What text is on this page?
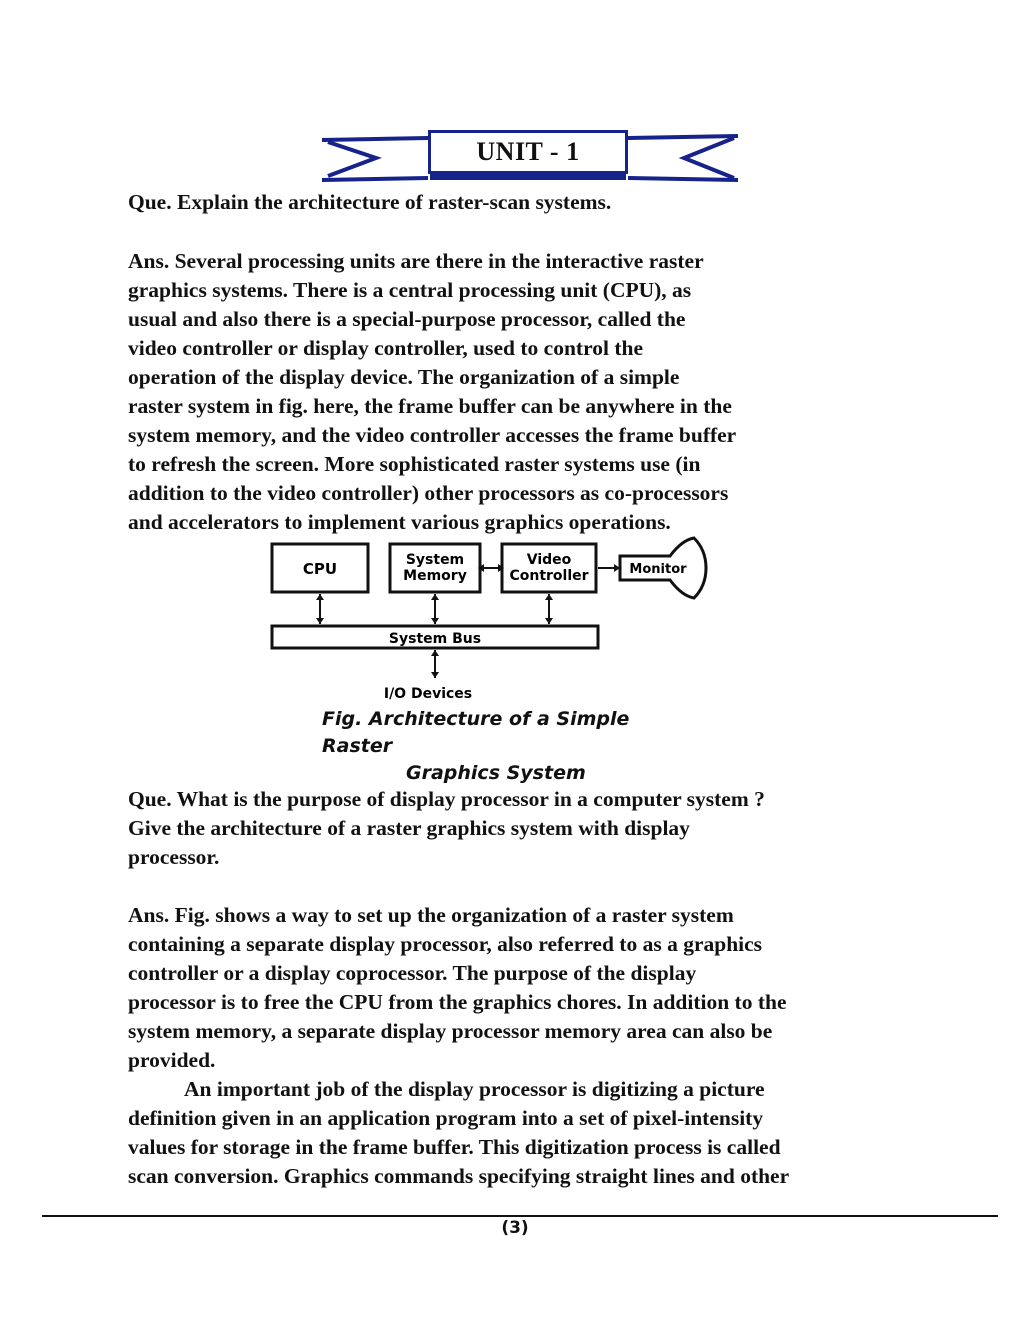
UNIT - 1
Que. Explain the architecture of raster-scan systems.
Ans. Several processing units are there in the interactive raster
graphics systems. There is a central processing unit (CPU), as
usual and also there is a special-purpose processor, called the
video controller or display controller, used to control the
operation of the display device. The organization of a simple
raster system in fig. here, the frame buffer can be anywhere in the
system memory, and the video controller accesses the frame buffer
to refresh the screen. More sophisticated raster systems use (in
addition to the video controller) other processors as co-processors
and accelerators to implement various graphics operations.
CPU	System
Memory
Video
Controller	Monitor
System Bus
I/O Devices
Fig. Architecture of a Simple Raster
Graphics System
Que. What is the purpose of display processor in a computer system ?
Give the architecture of a raster graphics system with display
processor.
Ans. Fig. shows a way to set up the organization of a raster system
containing a separate display processor, also referred to as a graphics
controller or a display coprocessor. The purpose of the display
processor is to free the CPU from the graphics chores. In addition to the
system memory, a separate display processor memory area can also be
provided.
An important job of the display processor is digitizing a picture
definition given in an application program into a set of pixel-intensity
values for storage in the frame buffer. This digitization process is called
scan conversion. Graphics commands specifying straight lines and other
(3)
